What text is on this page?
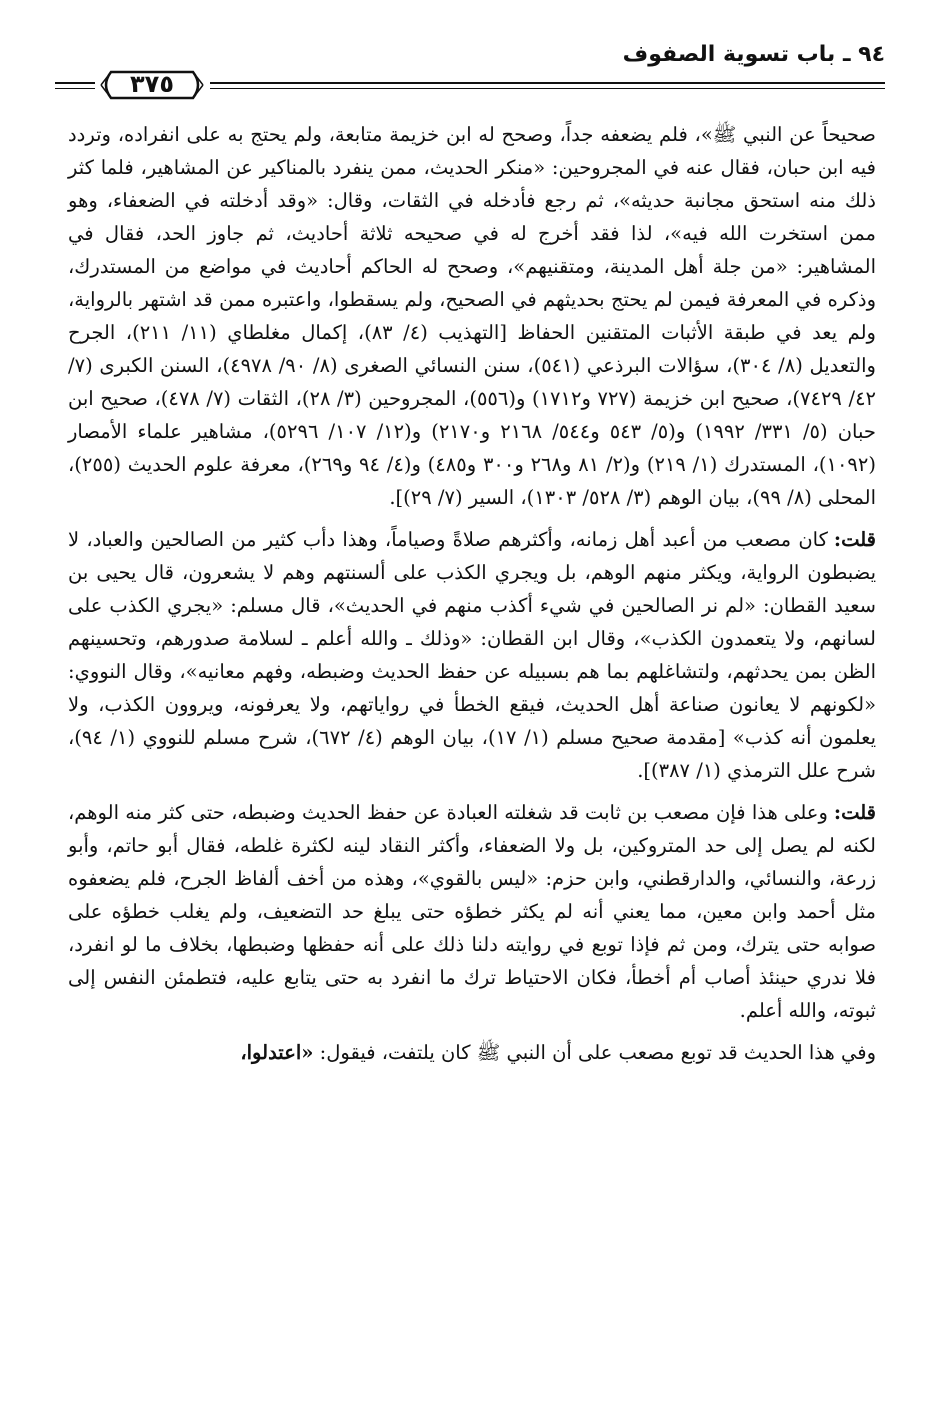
٩٤ ـ باب تسوية الصفوف
٣٧٥

صحيحاً عن النبي ﷺ»، فلم يضعفه جداً، وصحح له ابن خزيمة متابعة، ولم يحتج به على انفراده، وتردد فيه ابن حبان، فقال عنه في المجروحين: «منكر الحديث، ممن ينفرد بالمناكير عن المشاهير، فلما كثر ذلك منه استحق مجانبة حديثه»، ثم رجع فأدخله في الثقات، وقال: «وقد أدخلته في الضعفاء، وهو ممن استخرت الله فيه»، لذا فقد أخرج له في صحيحه ثلاثة أحاديث، ثم جاوز الحد، فقال في المشاهير: «من جلة أهل المدينة، ومتقنيهم»، وصحح له الحاكم أحاديث في مواضع من المستدرك، وذكره في المعرفة فيمن لم يحتج بحديثهم في الصحيح، ولم يسقطوا، واعتبره ممن قد اشتهر بالرواية، ولم يعد في طبقة الأثبات المتقنين الحفاظ [التهذيب (٤/ ٨٣)، إكمال مغلطاي (١١/ ٢١١)، الجرح والتعديل (٨/ ٣٠٤)، سؤالات البرذعي (٥٤١)، سنن النسائي الصغرى (٨/ ٩٠/ ٤٩٧٨)، السنن الكبرى (٧/ ٤٢/ ٧٤٢٩)، صحيح ابن خزيمة (٧٢٧ و١٧١٢) و(٥٥٦)، المجروحين (٣/ ٢٨)، الثقات (٧/ ٤٧٨)، صحيح ابن حبان (٥/ ٣٣١/ ١٩٩٢) و(٥/ ٥٤٣ و٥٤٤/ ٢١٦٨ و٢١٧٠) و(١٢/ ١٠٧/ ٥٢٩٦)، مشاهير علماء الأمصار (١٠٩٢)، المستدرك (١/ ٢١٩) و(٢/ ٨١ و٢٦٨ و٣٠٠ و٤٨٥) و(٤/ ٩٤ و٢٦٩)، معرفة علوم الحديث (٢٥٥)، المحلى (٨/ ٩٩)، بيان الوهم (٣/ ٥٢٨/ ١٣٠٣)، السير (٧/ ٢٩)].

قلت:كان مصعب من أعبد أهل زمانه، وأكثرهم صلاةً وصياماً، وهذا دأب كثير من الصالحين والعباد، لا يضبطون الرواية، ويكثر منهم الوهم، بل ويجري الكذب على ألسنتهم وهم لا يشعرون، قال يحيى بن سعيد القطان: «لم نر الصالحين في شيء أكذب منهم في الحديث»، قال مسلم: «يجري الكذب على لسانهم، ولا يتعمدون الكذب»، وقال ابن القطان: «وذلك ـ والله أعلم ـ لسلامة صدورهم، وتحسينهم الظن بمن يحدثهم، ولتشاغلهم بما هم بسبيله عن حفظ الحديث وضبطه، وفهم معانيه»، وقال النووي: «لكونهم لا يعانون صناعة أهل الحديث، فيقع الخطأ في رواياتهم، ولا يعرفونه، ويروون الكذب، ولا يعلمون أنه كذب» [مقدمة صحيح مسلم (١/ ١٧)، بيان الوهم (٤/ ٦٧٢)، شرح مسلم للنووي (١/ ٩٤)، شرح علل الترمذي (١/ ٣٨٧)].

قلت:وعلى هذا فإن مصعب بن ثابت قد شغلته العبادة عن حفظ الحديث وضبطه، حتى كثر منه الوهم، لكنه لم يصل إلى حد المتروكين، بل ولا الضعفاء، وأكثر النقاد لينه لكثرة غلطه، فقال أبو حاتم، وأبو زرعة، والنسائي، والدارقطني، وابن حزم: «ليس بالقوي»، وهذه من أخف ألفاظ الجرح، فلم يضعفوه مثل أحمد وابن معين، مما يعني أنه لم يكثر خطؤه حتى يبلغ حد التضعيف، ولم يغلب خطؤه على صوابه حتى يترك، ومن ثم فإذا توبع في روايته دلنا ذلك على أنه حفظها وضبطها، بخلاف ما لو انفرد، فلا ندري حينئذ أصاب أم أخطأ، فكان الاحتياط ترك ما انفرد به حتى يتابع عليه، فتطمئن النفس إلى ثبوته، والله أعلم.

وفي هذا الحديث قد توبع مصعب على أن النبي ﷺ كان يلتفت، فيقول: «اعتدلوا،
